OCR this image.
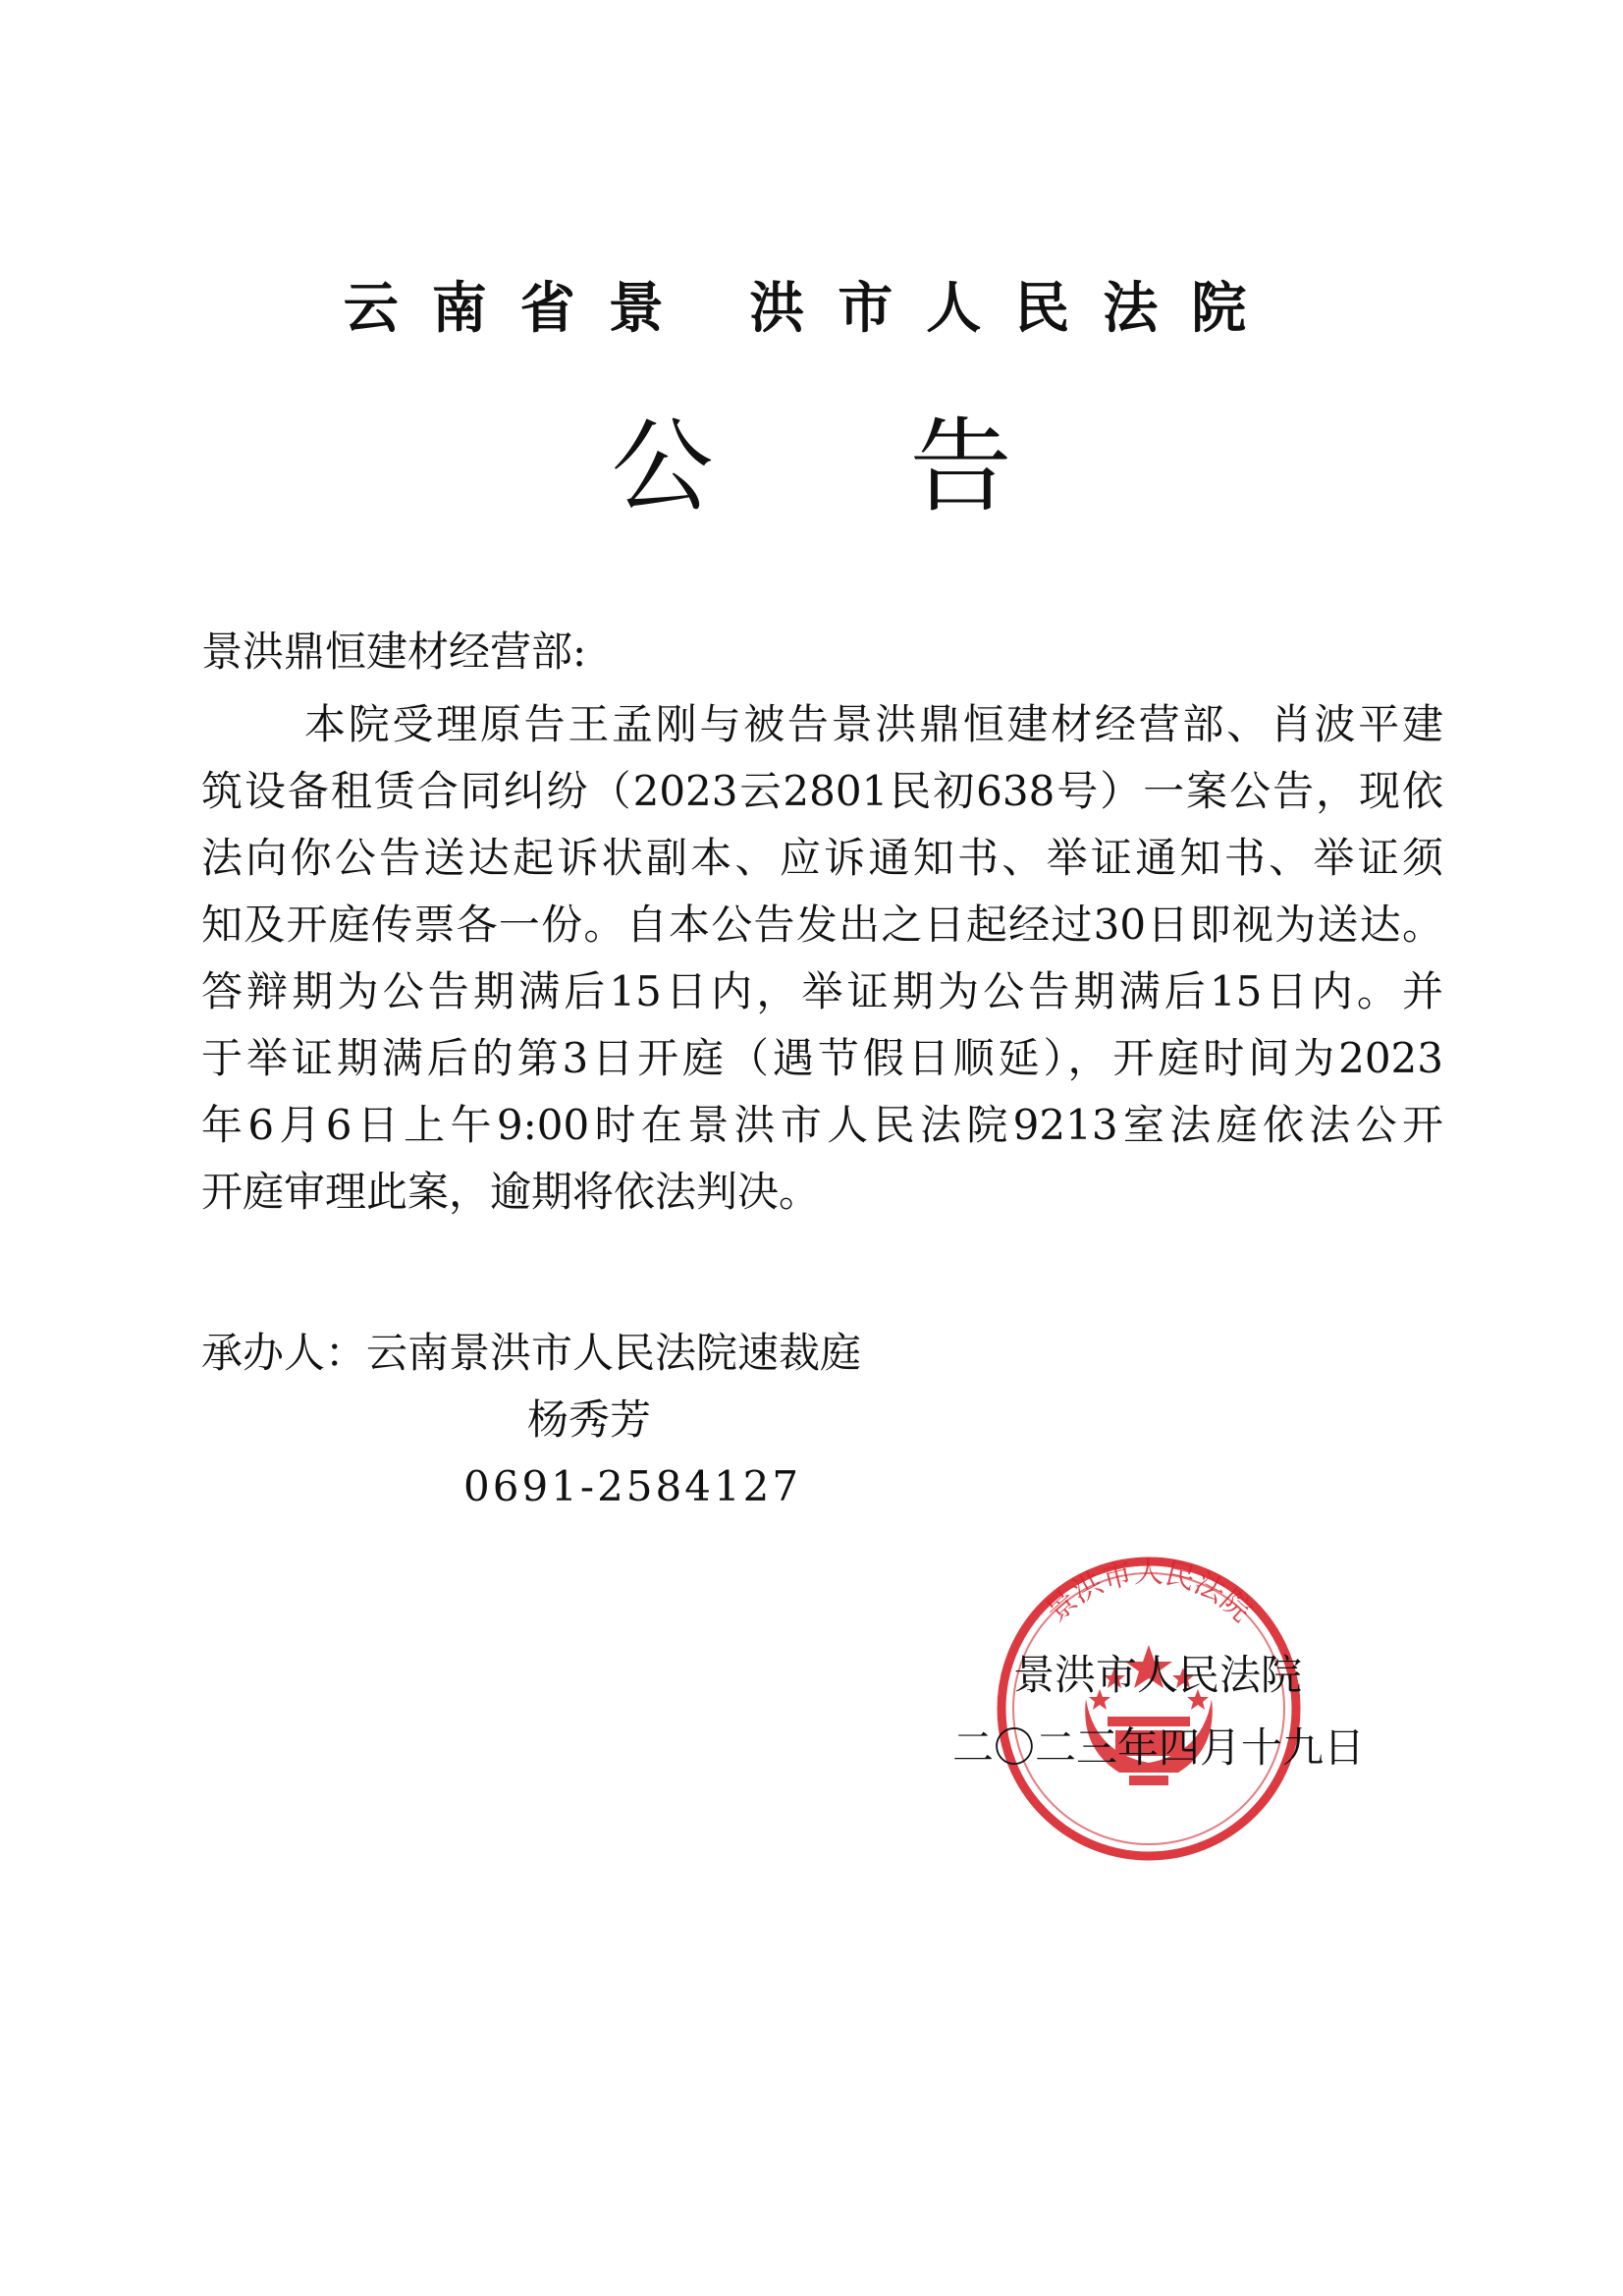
云南省景 洪市人民法院
公告
景洪鼎恒建材经营部:
本院受理原告王孟刚与被告景洪鼎恒建材经营部、肖波平建
筑设备租赁合同纠纷（2023云2801民初638号）一案公告，现依
法向你公告送达起诉状副本、应诉通知书、举证通知书、举证须
知及开庭传票各一份。自本公告发出之日起经过30日即视为送达。
答辩期为公告期满后15日内，举证期为公告期满后15日内。并
于举证期满后的第3日开庭（遇节假日顺延），开庭时间为2023
年6月6日上午9:00时在景洪市人民法院9213室法庭依法公开
开庭审理此案，逾期将依法判决。
承办人：云南景洪市人民法院速裁庭
杨秀芳
0691-2584127
景洪市人民法院
景洪市人民法院
二〇二三年四月十九日
